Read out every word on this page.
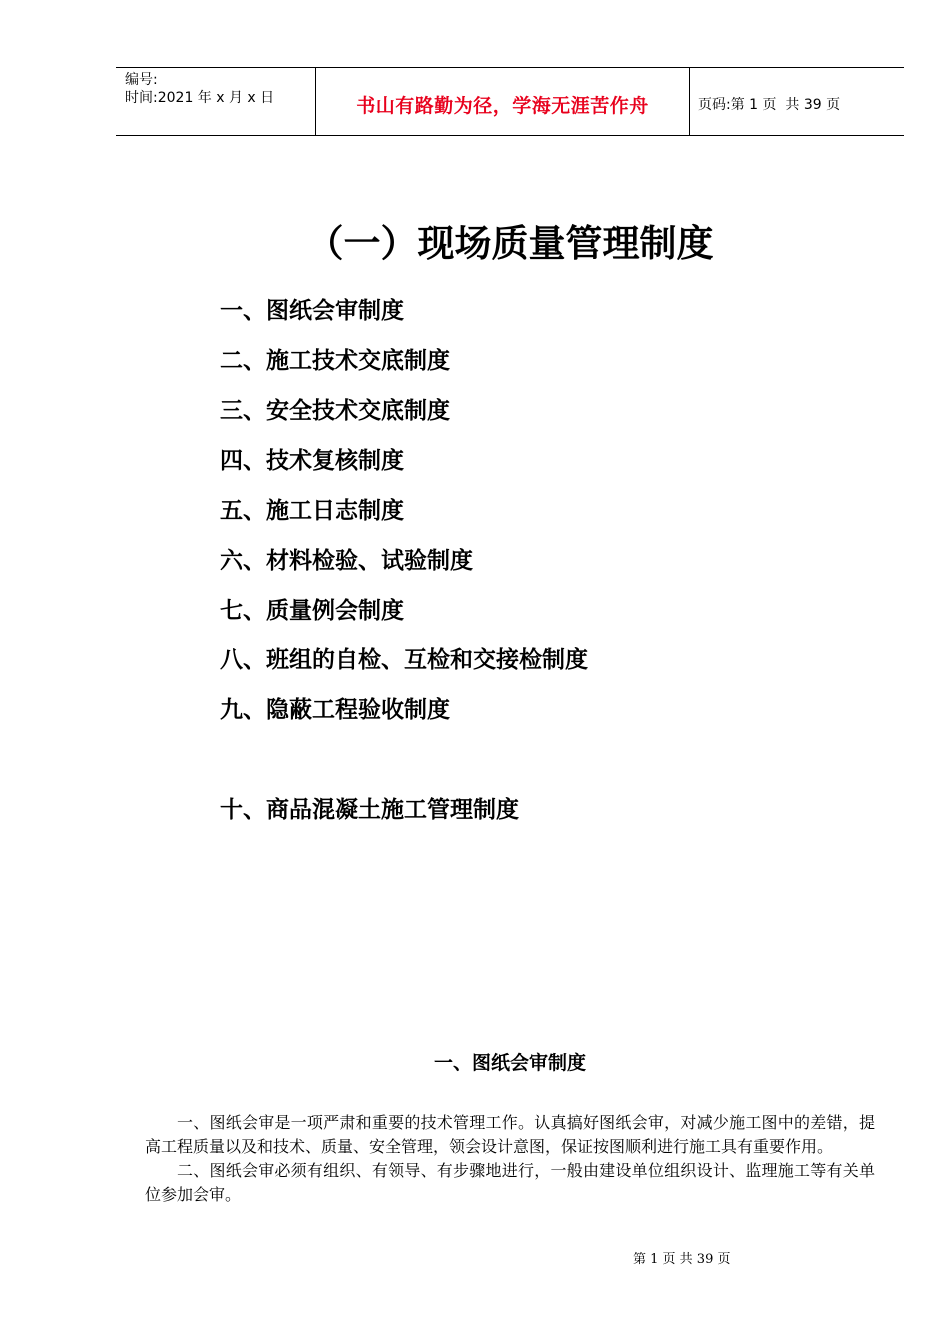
编号:
时间:2021 年 x 月 x 日	书山有路勤为径，学海无涯苦作舟	页码:第 1 页  共 39 页
（一）现场质量管理制度
一、图纸会审制度
二、施工技术交底制度
三、安全技术交底制度
四、技术复核制度
五、施工日志制度
六、材料检验、试验制度
七、质量例会制度
八、班组的自检、互检和交接检制度
九、隐蔽工程验收制度
十、商品混凝土施工管理制度
一、图纸会审制度

一、图纸会审是一项严肃和重要的技术管理工作。认真搞好图纸会审，对减少施工图中的差错，提高工程质量以及和技术、质量、安全管理，领会设计意图，保证按图顺利进行施工具有重要作用。

二、图纸会审必须有组织、有领导、有步骤地进行，一般由建设单位组织设计、监理施工等有关单位参加会审。

第 1 页 共 39 页
